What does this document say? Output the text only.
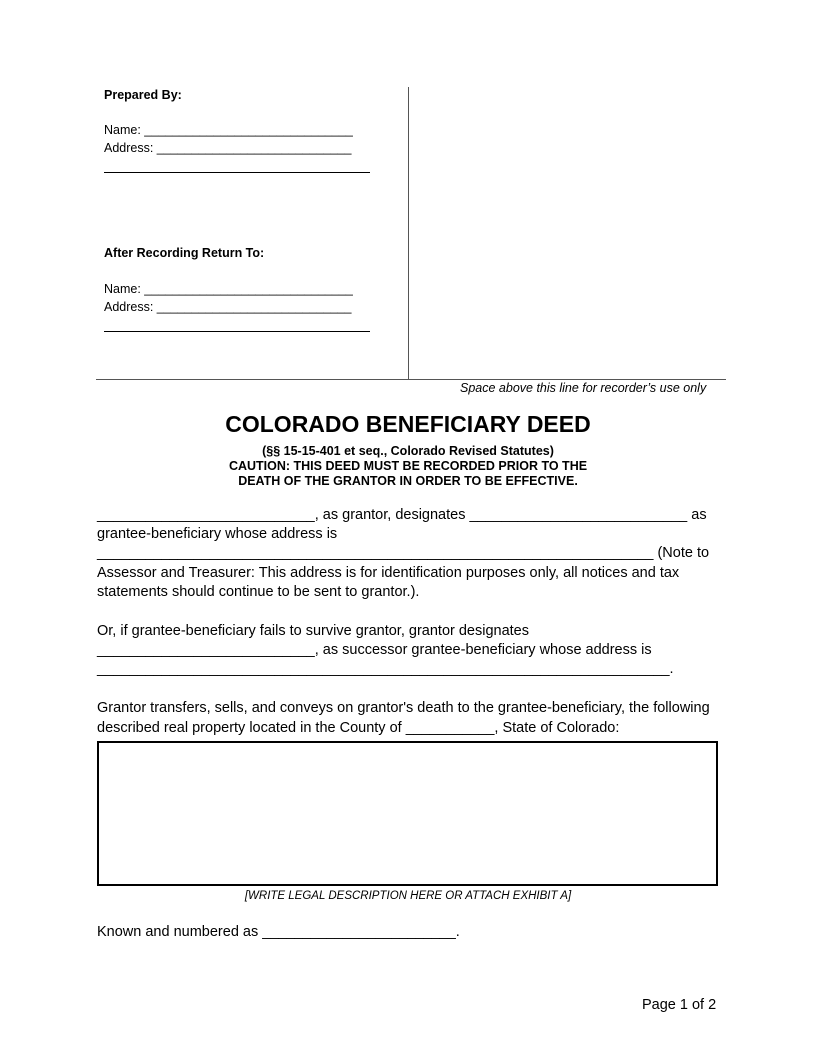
Prepared By:
Name: ______________________________
Address: ____________________________
After Recording Return To:
Name: ______________________________
Address: ____________________________
Space above this line for recorder’s use only
COLORADO BENEFICIARY DEED
(§§ 15-15-401 et seq., Colorado Revised Statutes)
CAUTION: THIS DEED MUST BE RECORDED PRIOR TO THE
DEATH OF THE GRANTOR IN ORDER TO BE EFFECTIVE.
___________________________, as grantor, designates ___________________________ as
grantee-beneficiary whose address is
_____________________________________________________________________ (Note to
Assessor and Treasurer: This address is for identification purposes only, all notices and tax
statements should continue to be sent to grantor.).
Or, if grantee-beneficiary fails to survive grantor, grantor designates
___________________________, as successor grantee-beneficiary whose address is
_______________________________________________________________________.
Grantor transfers, sells, and conveys on grantor's death to the grantee-beneficiary, the following
described real property located in the County of ___________, State of Colorado:
[WRITE LEGAL DESCRIPTION HERE OR ATTACH EXHIBIT A]
Known and numbered as ________________________.
Page 1 of 2
